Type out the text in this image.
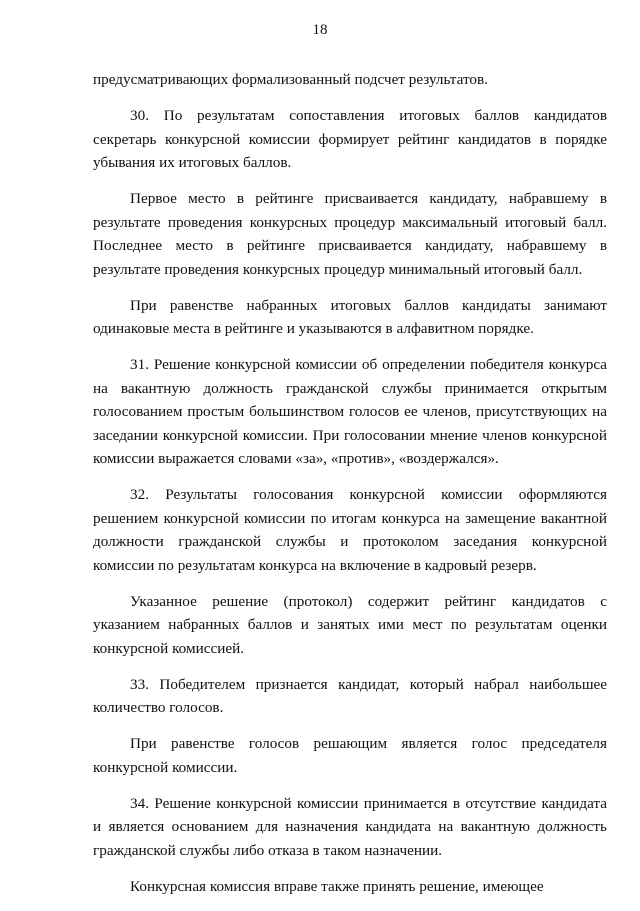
18

предусматривающих формализованный подсчет результатов.

30. По результатам сопоставления итоговых баллов кандидатов секретарь конкурсной комиссии формирует рейтинг кандидатов в порядке убывания их итоговых баллов.

Первое место в рейтинге присваивается кандидату, набравшему в результате проведения конкурсных процедур максимальный итоговый балл. Последнее место в рейтинге присваивается кандидату, набравшему в результате проведения конкурсных процедур минимальный итоговый балл.

При равенстве набранных итоговых баллов кандидаты занимают одинаковые места в рейтинге и указываются в алфавитном порядке.

31. Решение конкурсной комиссии об определении победителя конкурса на вакантную должность гражданской службы принимается открытым голосованием простым большинством голосов ее членов, присутствующих на заседании конкурсной комиссии. При голосовании мнение членов конкурсной комиссии выражается словами «за», «против», «воздержался».

32. Результаты голосования конкурсной комиссии оформляются решением конкурсной комиссии по итогам конкурса на замещение вакантной должности гражданской службы и протоколом заседания конкурсной комиссии по результатам конкурса на включение в кадровый резерв.

Указанное решение (протокол) содержит рейтинг кандидатов с указанием набранных баллов и занятых ими мест по результатам оценки конкурсной комиссией.

33. Победителем признается кандидат, который набрал наибольшее количество голосов.

При равенстве голосов решающим является голос председателя конкурсной комиссии.

34. Решение конкурсной комиссии принимается в отсутствие кандидата и является основанием для назначения кандидата на вакантную должность гражданской службы либо отказа в таком назначении.

Конкурсная комиссия вправе также принять решение, имеющее
